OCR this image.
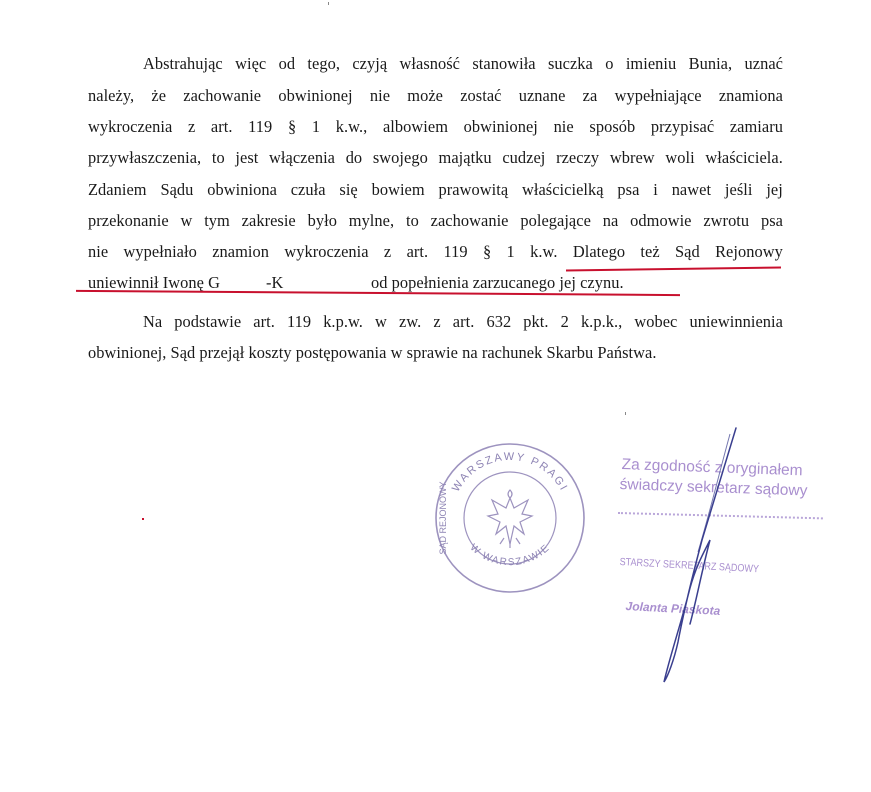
Abstrahując więc od tego, czyją własność stanowiła suczka o imieniu Bunia, uznać
należy, że zachowanie obwinionej nie może zostać uznane za wypełniające znamiona
wykroczenia z art. 119 § 1 k.w., albowiem obwinionej nie sposób przypisać zamiaru
przywłaszczenia, to jest włączenia do swojego majątku cudzej rzeczy wbrew woli właściciela.
Zdaniem Sądu obwiniona czuła się bowiem prawowitą właścicielką psa i nawet jeśli jej
przekonanie w tym zakresie było mylne, to zachowanie polegające na odmowie zwrotu psa
nie wypełniało znamion wykroczenia z art. 119 § 1 k.w. Dlatego też Sąd Rejonowy
uniewinnił Iwonę G	-K	od popełnienia zarzucanego jej czynu.
Na podstawie art. 119 k.p.w. w zw. z art. 632 pkt. 2 k.p.k., wobec uniewinnienia
obwinionej, Sąd przejął koszty postępowania w sprawie na rachunek Skarbu Państwa.
WARSZAWY PRAGI
W WARSZAWIE
SĄD REJONOWY
Za zgodność z oryginałem
świadczy sekretarz sądowy
STARSZY SEKRETARZ SĄDOWY
Jolanta Piaskota
